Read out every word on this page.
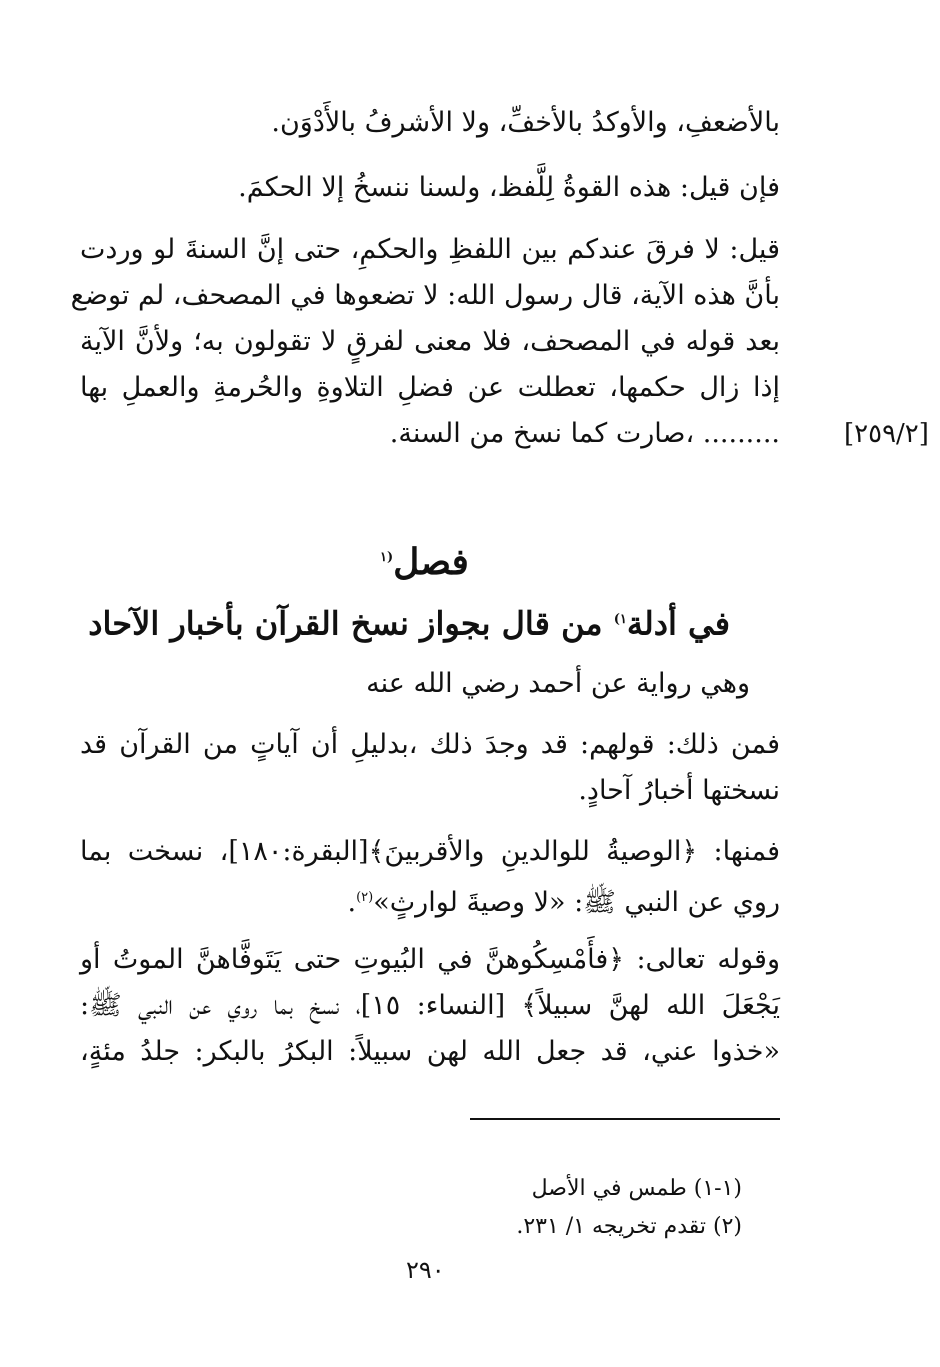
بالأضعفِ، والأوكدُ بالأخفِّ، ولا الأشرفُ بالأَدْوَن.

فإن قيل: هذه القوةُ لِلَّفظ، ولسنا ننسخُ إلا الحكمَ.

قيل: لا فرقَ عندكم بين اللفظِ والحكمِ، حتى إنَّ السنةَ لو وردت

بأنَّ هذه الآية، قال رسول الله: لا تضعوها في المصحف، لم توضع

بعد قوله في المصحف، فلا معنى لفرقٍ لا تقولون به؛ ولأنَّ الآية

إذا زال حكمها، تعطلت عن فضلِ التلاوةِ والحُرمةِ والعملِ بها

......... ،صارت كما نسخ من السنة. [٢٥٩/٢]
فصل$^{(١}$
في أدلة$^{١)}$ من قال بجواز نسخ القرآن بأخبار الآحاد

وهي رواية عن أحمد رضي الله عنه

فمن ذلك: قولهم: قد وجدَ ذلك ،بدليلِ أن آياتٍ من القرآن قد

نسختها أخبارُ آحادٍ.

فمنها: ﴿الوصيةُ للوالدينِ والأقربينَ﴾[البقرة:١٨٠]، نسخت بما

روي عن النبي ﷺ: «لا وصيةَ لوارثٍ»$^{(٢)}$.

وقوله تعالى: ﴿فأَمْسِكُوهنَّ في البُيوتِ حتى يَتَوفَّاهنَّ الموتُ أو

يَجْعَلَ الله لهنَّ سبيلاً﴾ [النساء: ١٥]، نسخ بما روي عن النبي ﷺ:

«خذوا عني، قد جعل الله لهن سبيلاً: البكرُ بالبكر: جلدُ مئةٍ،

(١-١) طمس في الأصل

(٢) تقدم تخريجه ١/ ٢٣١.

٢٩٠
